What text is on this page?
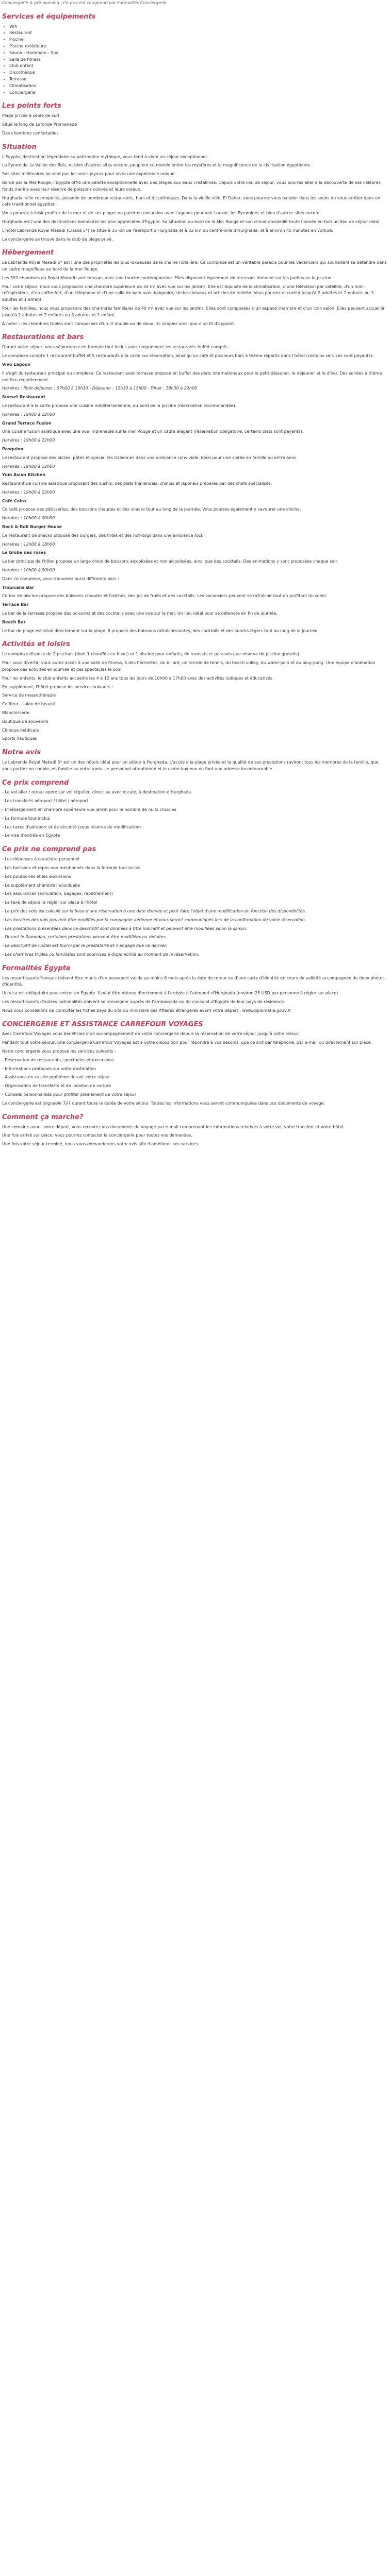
Conciergerie & pre-opening | Ce prix est comprend par Formalités Conciergerie

Services et équipements
• Wifi
• Restaurant
• Piscine
• Piscine extérieure
• Sauna - Hammam - Spa
• Salle de fitness
• Club enfant
• Discothèque
• Terrasse
• Climatisation
• Conciergerie
Les points forts

Plage privée à seule de sud

Situé le long de Lafonde Promenade

Des chambres confortables

Situation

L'Égypte, destination légendaire au patrimoine mythique, vous tend à vivre un séjour exceptionnel.

La Pyramide, la Vallée des Rois, et bien d'autres sites encore, peuplent ce monde entier les mystères et la magnificence de la civilisation égyptienne.

Ses sites millénaires ne sont pas les seuls joyaux pour vivre une expérience unique.

Bordé par la Mer Rouge, l'Égypte offre une palette exceptionnelle avec des plages aux eaux cristallines. Depuis votre lieu de séjour, vous pourrez aller à la découverte de ses célèbres fonds marins avec leur réserve de poissons colorés et leurs coraux.

Hurghada, ville cosmopolite, possède de nombreux restaurants, bars et discothèques. Dans la vieille ville, El Dahar, vous pourrez vous balader dans les souks ou vous arrêter dans un café traditionnel égyptien.

Vous pourrez à loisir profiter de la mer et de ses plages ou partir en excursion avec l'agence pour voir Louxor, les Pyramides et bien d'autres sites encore.

Hurghada est l'une des destinations balnéaires les plus appréciées d'Égypte. Sa situation au bord de la Mer Rouge et son climat ensoleillé toute l'année en font un lieu de séjour idéal.

L'hôtel Labranda Royal Makadi (Classé 5*) se situe à 35 km de l'aéroport d'Hurghada et à 32 km du centre-ville d'Hurghada, et à environ 45 minutes en voiture.

La conciergerie se trouve dans le club de plage privé.

Hébergement

Le Labranda Royal Makadi 5* est l'une des propriétés les plus luxueuses de la chaîne hôtelière. Ce complexe est un véritable paradis pour les vacanciers qui souhaitent se détendre dans un cadre magnifique au bord de la mer Rouge.

Les 392 chambres du Royal Makadi sont conçues avec une touche contemporaine. Elles disposent également de terrasses donnant sur les jardins ou la piscine.

Pour votre séjour, nous vous proposons une chambre supérieure de 34 m² avec vue sur les jardins. Elle est équipée de la climatisation, d'une télévision par satellite, d'un mini-réfrigérateur, d'un coffre-fort, d'un téléphone et d'une salle de bain avec baignoire, sèche-cheveux et articles de toilette. Vous pourrez accueillir jusqu'à 2 adultes et 2 enfants ou 3 adultes et 1 enfant.

Pour les familles, nous vous proposons des chambres familiales de 40 m² avec vue sur les jardins. Elles sont composées d'un espace chambre et d'un coin salon. Elles peuvent accueillir jusqu'à 2 adultes et 2 enfants ou 3 adultes et 1 enfant.

À noter : les chambres triples sont composées d'un lit double ou de deux lits simples ainsi que d'un lit d'appoint.

Restaurations et bars

Durant votre séjour, vous séjournerez en formule tout inclus avec uniquement les restaurants buffet compris.

Le complexe compte 1 restaurant buffet et 5 restaurants à la carte sur réservation, ainsi qu'un café et plusieurs bars à thème répartis dans l'hôtel (certains services sont payants).

Vivo Lagoon

Il s'agit du restaurant principal du complexe. Ce restaurant avec terrasse propose en buffet des plats internationaux pour le petit-déjeuner, le déjeuner et le dîner. Des soirées à thème ont lieu régulièrement.

Horaires : Petit-déjeuner : 07h00 à 10h30 - Déjeuner : 12h30 à 15h00 - Dîner : 18h30 à 22h00

Sunset Restaurant

Le restaurant à la carte propose une cuisine méditerranéenne, au bord de la piscine (réservation recommandée).

Horaires : 19h00 à 22h00

Grand Terrace Fusion

Une cuisine fusion asiatique avec une vue imprenable sur la mer Rouge et un cadre élégant (réservation obligatoire, certains plats sont payants).

Horaires : 19h00 à 22h00

Pasquino

Le restaurant propose des pizzas, pâtes et spécialités italiennes dans une ambiance conviviale. Idéal pour une soirée en famille ou entre amis.

Horaires : 19h00 à 22h00

Yum Asian Kitchen

Restaurant de cuisine asiatique proposant des sushis, des plats thaïlandais, chinois et japonais préparés par des chefs spécialisés.

Horaires : 19h00 à 22h00

Café Cairo

Ce café propose des pâtisseries, des boissons chaudes et des snacks tout au long de la journée. Vous pourrez également y savourer une chicha.

Horaires : 10h00 à 00h00

Rock & Roll Burger House

Ce restaurant de snacks propose des burgers, des frites et des hot-dogs dans une ambiance rock.

Horaires : 12h00 à 18h00

Le Globe des roses

Le bar principal de l'hôtel propose un large choix de boissons alcoolisées et non alcoolisées, ainsi que des cocktails. Des animations y sont proposées chaque soir.

Horaires : 10h00 à 00h00

Dans ce complexe, vous trouverez aussi différents bars :

Tropicana Bar

Ce bar de piscine propose des boissons chaudes et fraîches, des jus de fruits et des cocktails. Les vacanciers peuvent se rafraîchir tout en profitant du soleil.

Terrace Bar

Le bar de la terrasse propose des boissons et des cocktails avec une vue sur la mer. Un lieu idéal pour se détendre en fin de journée.

Beach Bar

Le bar de plage est situé directement sur la plage. Il propose des boissons rafraîchissantes, des cocktails et des snacks légers tout au long de la journée.

Activités et loisirs

Le complexe dispose de 2 piscines (dont 1 chauffée en hiver) et 1 piscine pour enfants, de transats et parasols (sur réserve de piscine gratuits).

Pour vous divertir, vous aurez accès à une salle de fitness, à des fléchettes, du billard, un terrain de tennis, du beach-volley, du water-polo et du ping-pong. Une équipe d'animation propose des activités en journée et des spectacles le soir.

Pour les enfants, le club enfants accueille les 4 à 12 ans tous les jours de 10h00 à 17h00 avec des activités ludiques et éducatives.

En supplément, l'hôtel propose les services suivants :

Service de massothérapie

Coiffeur - salon de beauté

Blanchisserie

Boutique de souvenirs

Clinique médicale

Sports nautiques

Notre avis

Le Labranda Royal Makadi 5* est un des hôtels idéal pour un séjour à Hurghada. L'accès à la plage privée et la qualité de ses prestations raviront tous les membres de la famille, que vous partiez en couple, en famille ou entre amis. Le personnel attentionné et le cadre luxueux en font une adresse incontournable.

Ce prix comprend

- Le vol aller / retour opéré sur vol régulier, direct ou avec escale, à destination d'Hurghada

- Les transferts aéroport / hôtel / aéroport

- L'hébergement en chambre supérieure vue jardin pour le nombre de nuits choisies

- La formule tout inclus

- Les taxes d'aéroport et de sécurité (sous réserve de modification)

- Le visa d'entrée en Égypte

Ce prix ne comprend pas

- Les dépenses à caractère personnel

- Les boissons et repas non mentionnés dans la formule tout inclus

- Les pourboires et les excursions

- Le supplément chambre individuelle

- Les assurances (annulation, bagages, rapatriement)

- La taxe de séjour, à régler sur place à l'hôtel

- Le prix des vols est calculé sur la base d'une réservation à une date donnée et peut faire l'objet d'une modification en fonction des disponibilités.

- Les horaires des vols peuvent être modifiés par la compagnie aérienne et vous seront communiqués lors de la confirmation de votre réservation.

- Les prestations présentées dans ce descriptif sont données à titre indicatif et peuvent être modifiées selon la saison.

- Durant le Ramadan, certaines prestations peuvent être modifiées ou réduites.

- Le descriptif de l'hôtel est fourni par le prestataire et n'engage que ce dernier.

- Les chambres triples ou familiales sont soumises à disponibilité au moment de la réservation.

Formalités Égypte

Les ressortissants français doivent être munis d'un passeport valide au moins 6 mois après la date de retour ou d'une carte d'identité en cours de validité accompagnée de deux photos d'identité.

Un visa est obligatoire pour entrer en Égypte. Il peut être obtenu directement à l'arrivée à l'aéroport d'Hurghada (environ 25 USD par personne à régler sur place).

Les ressortissants d'autres nationalités doivent se renseigner auprès de l'ambassade ou du consulat d'Égypte de leur pays de résidence.

Nous vous conseillons de consulter les fiches pays du site du ministère des Affaires étrangères avant votre départ : www.diplomatie.gouv.fr

CONCIERGERIE ET ASSISTANCE CARREFOUR VOYAGES

Avec Carrefour Voyages vous bénéficiez d'un accompagnement de votre conciergerie depuis la réservation de votre séjour jusqu'à votre retour.

Pendant tout votre séjour, une conciergerie Carrefour Voyages est à votre disposition pour répondre à vos besoins, que ce soit par téléphone, par e-mail ou directement sur place.

Notre conciergerie vous propose les services suivants :

- Réservation de restaurants, spectacles et excursions

- Informations pratiques sur votre destination

- Assistance en cas de problème durant votre séjour

- Organisation de transferts et de location de voiture

- Conseils personnalisés pour profiter pleinement de votre séjour

La conciergerie est joignable 7j/7 durant toute la durée de votre séjour. Toutes les informations vous seront communiquées dans vos documents de voyage.

Comment ça marche?

Une semaine avant votre départ, vous recevrez vos documents de voyage par e-mail comprenant les informations relatives à votre vol, votre transfert et votre hôtel.

Une fois arrivé sur place, vous pourrez contacter la conciergerie pour toutes vos demandes.

Une fois votre séjour terminé, nous vous demanderons votre avis afin d'améliorer nos services.
